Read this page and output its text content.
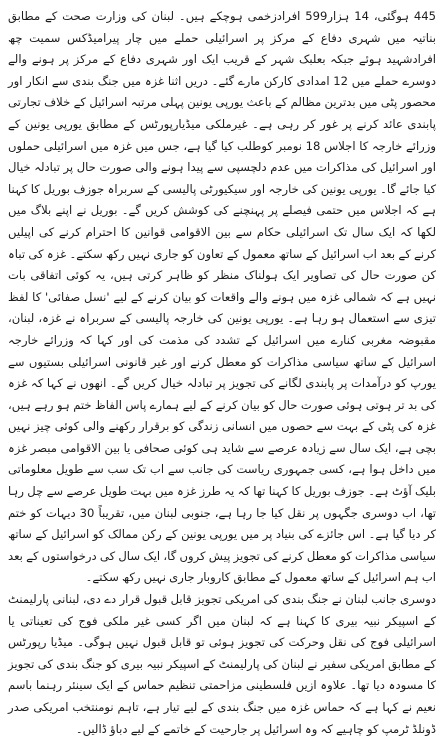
445 ہوگئی، 14 ہزار599 افرادزخمی ہوچکے ہیں۔ لبنان کی وزارت صحت کے مطابق بناتیہ میں شہری دفاع کے مرکز پر اسرائیلی حملے میں چار پیرامیڈکس سمیت چھ افرادشہید ہوئے جبکہ بعلبک شہر کے قریب ایک اور شہری دفاع کے مرکز پر ہونے والے دوسرے حملے میں 12 امدادی کارکن مارے گئے۔ دریں اثنا غزہ میں جنگ بندی سے انکار اور محصور پٹی میں بدترین مظالم کے باعث یورپی یونین پہلی مرتبہ اسرائیل کے خلاف تجارتی پابندی عائد کرنے پر غور کر رہی ہے۔ غیرملکی میڈیارپورٹس کے مطابق یورپی یونین کے وزرائے خارجہ کا اجلاس 18 نومبر کوطلب کیا گیا ہے، جس میں غزہ میں اسرائیلی حملوں اور اسرائیل کی مذاکرات میں عدم دلچسپی سے پیدا ہونے والی صورت حال پر تبادلہ خیال کیا جائے گا۔ یورپی یونین کی خارجہ اور سیکیورٹی پالیسی کے سربراہ جوزف بوریل کا کہنا ہے کہ اجلاس میں حتمی فیصلے پر پہنچنے کی کوشش کریں گے۔ بوریل نے اپنے بلاگ میں لکھا کہ ایک سال تک اسرائیلی حکام سے بین الاقوامی قوانین کا احترام کرنے کی اپیلیں کرنے کے بعد اب اسرائیل کے ساتھ معمول کے تعاون کو جاری نہیں رکھ سکتے۔ غزہ کی تباہ کن صورت حال کی تصاویر ایک ہولناک منظر کو ظاہر کرتی ہیں، یہ کوئی اتفاقی بات نہیں ہے کہ شمالی غزہ میں ہونے والے واقعات کو بیان کرنے کے لیے 'نسل صفائی' کا لفظ تیزی سے استعمال ہو رہا ہے۔ یورپی یونین کی خارجہ پالیسی کے سربراہ نے غزہ، لبنان، مقبوضہ مغربی کنارے میں اسرائیل کے تشدد کی مذمت کی اور کہا کہ وزرائے خارجہ اسرائیل کے ساتھ سیاسی مذاکرات کو معطل کرنے اور غیر قانونی اسرائیلی بستیوں سے یورپ کو درآمدات پر پابندی لگانے کی تجویز پر تبادلہ خیال کریں گے۔ انھوں نے کہا کہ غزہ کی بد تر ہوتی ہوئی صورت حال کو بیان کرنے کے لیے ہمارے پاس الفاظ ختم ہو رہے ہیں، غزہ کی پٹی کے بہت سے حصوں میں انسانی زندگی کو برقرار رکھنے والی کوئی چیز نہیں بچی ہے، ایک سال سے زیادہ عرصے سے شاید ہی کوئی صحافی یا بین الاقوامی مبصر غزہ میں داخل ہوا ہے، کسی جمہوری ریاست کی جانب سے اب تک سب سے طویل معلوماتی بلیک آؤٹ ہے۔ جوزف بوریل کا کہنا تھا کہ یہ طرز غزہ میں بہت طویل عرصے سے چل رہا تھا، اب دوسری جگہوں پر نقل کیا جا رہا ہے، جنوبی لبنان میں، تقریباً 30 دیہات کو ختم کر دیا گیا ہے۔ اس جائزے کی بنیاد پر میں یورپی یونین کے رکن ممالک کو اسرائیل کے ساتھ سیاسی مذاکرات کو معطل کرنے کی تجویز پیش کروں گا، ایک سال کی درخواستوں کے بعد اب ہم اسرائیل کے ساتھ معمول کے مطابق کاروبار جاری نہیں رکھ سکتے۔

دوسری جانب لبنان نے جنگ بندی کی امریکی تجویز قابل قبول قرار دے دی، لبنانی پارلیمنٹ کے اسپیکر نبیہ بیری کا کہنا ہے کہ لبنان میں اگر کسی غیر ملکی فوج کی تعیناتی یا اسرائیلی فوج کی نقل وحرکت کی تجویز ہوئی تو قابل قبول نہیں ہوگی۔ میڈیا رپورٹس کے مطابق امریکی سفیر نے لبنان کی پارلیمنٹ کے اسپیکر نبیہ بیری کو جنگ بندی کی تجویز کا مسودہ دیا تھا۔ علاوہ ازیں فلسطینی مزاحمتی تنظیم حماس کے ایک سینئر رہنما باسم نعیم نے کہا ہے کہ حماس غزہ میں جنگ بندی کے لیے تیار ہے، تاہم نومنتخب امریکی صدر ڈونلڈ ٹرمپ کو چاہیے کہ وہ اسرائیل پر جارحیت کے خاتمے کے لیے دباؤ ڈالیں۔
